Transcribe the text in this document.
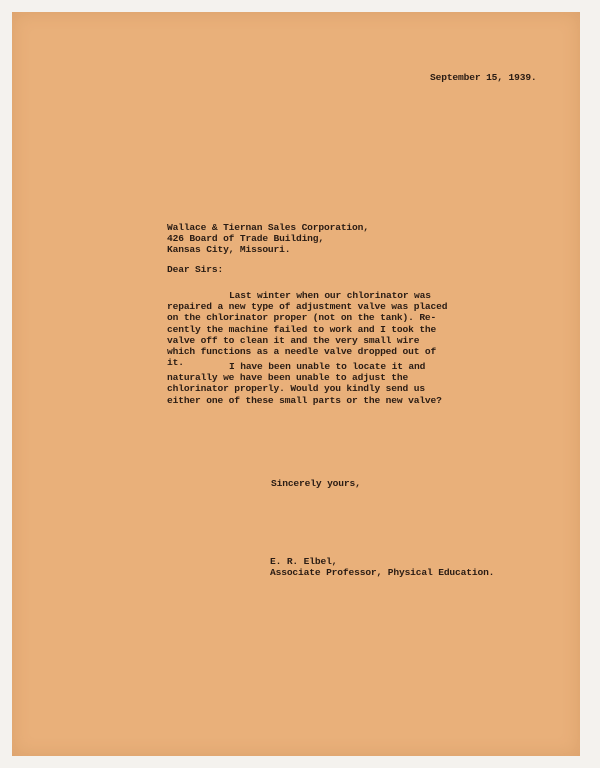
September 15, 1939.
Wallace & Tiernan Sales Corporation,
426 Board of Trade Building,
Kansas City, Missouri.
Dear Sirs:
Last winter when our chlorinator was
repaired a new type of adjustment valve was placed
on the chlorinator proper (not on the tank). Re-
cently the machine failed to work and I took the
valve off to clean it and the very small wire
which functions as a needle valve dropped out of
it.	I have been unable to locate it and
naturally we have been unable to adjust the
chlorinator properly. Would you kindly send us
either one of these small parts or the new valve?
Sincerely yours,
E. R. Elbel,
Associate Professor, Physical Education.
